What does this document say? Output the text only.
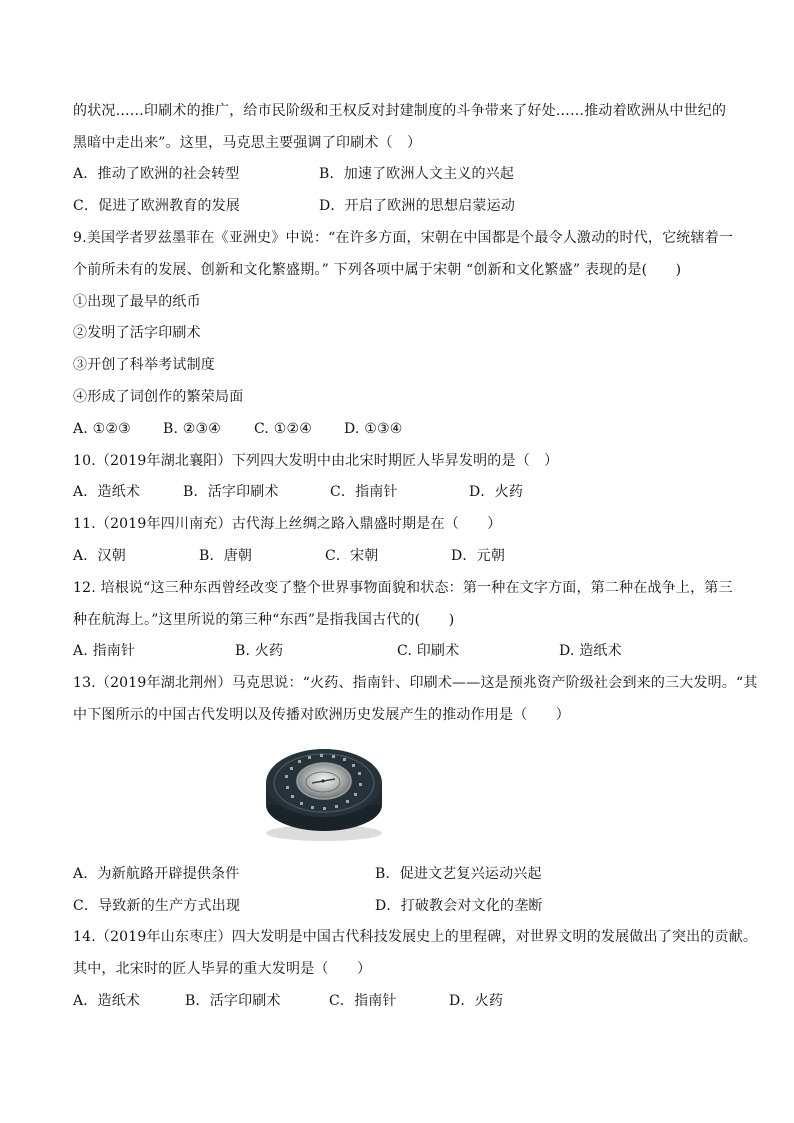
的状况……印刷术的推广，给市民阶级和王权反对封建制度的斗争带来了好处……推动着欧洲从中世纪的
黑暗中走出来”。这里，马克思主要强调了印刷术（　）
A．推动了欧洲的社会转型	B．加速了欧洲人文主义的兴起
C．促进了欧洲教育的发展	D．开启了欧洲的思想启蒙运动
9.美国学者罗兹墨菲在《亚洲史》中说：“在许多方面，宋朝在中国都是个最令人激动的时代，它统辖着一
个前所未有的发展、创新和文化繁盛期。” 下列各项中属于宋朝 “创新和文化繁盛” 表现的是(　　)
①出现了最早的纸币
②发明了活字印刷术
③开创了科举考试制度
④形成了词创作的繁荣局面
A. ①②③ B. ②③④ C. ①②④ D. ①③④
10.（2019年湖北襄阳）下列四大发明中由北宋时期匠人毕昇发明的是（　）
A．造纸术	B．活字印刷术	C．指南针	D．火药
11.（2019年四川南充）古代海上丝绸之路入鼎盛时期是在（　　）
A．汉朝	B．唐朝	C．宋朝	D．元朝
12. 培根说“这三种东西曾经改变了整个世界事物面貌和状态：第一种在文字方面，第二种在战争上，第三
种在航海上。”这里所说的第三种“东西”是指我国古代的(　　)
A. 指南针	B. 火药	C. 印刷术	D. 造纸术
13.（2019年湖北荆州）马克思说：“火药、指南针、印刷术——这是预兆资产阶级社会到来的三大发明。“其
中下图所示的中国古代发明以及传播对欧洲历史发展产生的推动作用是（　　）
A．为新航路开辟提供条件	B．促进文艺复兴运动兴起
C．导致新的生产方式出现	D．打破教会对文化的垄断
14.（2019年山东枣庄）四大发明是中国古代科技发展史上的里程碑，对世界文明的发展做出了突出的贡献。
其中，北宋时的匠人毕昇的重大发明是（　　）
A．造纸术	B．活字印刷术	C．指南针	D．火药
